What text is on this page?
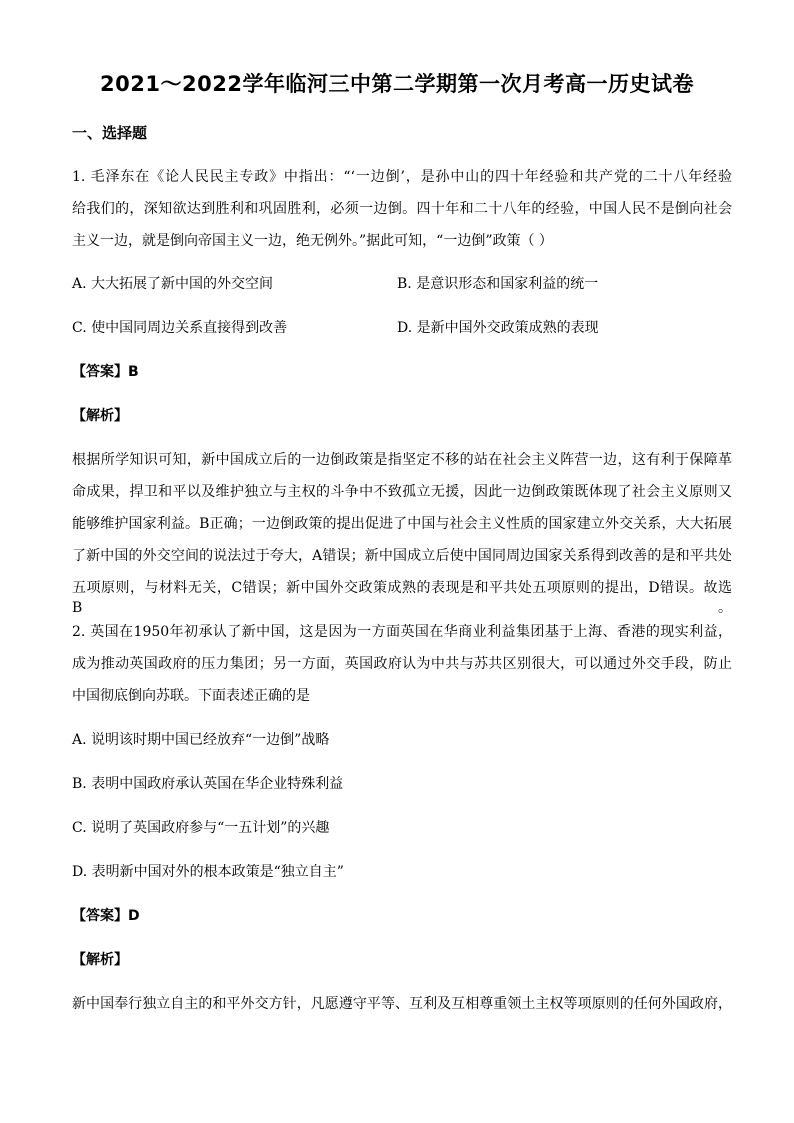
2021～2022学年临河三中第二学期第一次月考高一历史试卷
一、选择题
1. 毛泽东在《论人民民主专政》中指出：“‘一边倒’，是孙中山的四十年经验和共产党的二十八年经验
给我们的，深知欲达到胜利和巩固胜利，必须一边倒。四十年和二十八年的经验，中国人民不是倒向社会
主义一边，就是倒向帝国主义一边，绝无例外。”据此可知，“一边倒”政策（ ）
A. 大大拓展了新中国的外交空间	B. 是意识形态和国家利益的统一
C. 使中国同周边关系直接得到改善	D. 是新中国外交政策成熟的表现
【答案】B
【解析】
根据所学知识可知，新中国成立后的一边倒政策是指坚定不移的站在社会主义阵营一边，这有利于保障革
命成果，捍卫和平以及维护独立与主权的斗争中不致孤立无援，因此一边倒政策既体现了社会主义原则又
能够维护国家利益。B正确；一边倒政策的提出促进了中国与社会主义性质的国家建立外交关系，大大拓展
了新中国的外交空间的说法过于夸大，A错误；新中国成立后使中国同周边国家关系得到改善的是和平共处
五项原则，与材料无关，C错误；新中国外交政策成熟的表现是和平共处五项原则的提出，D错误。故选B。
2. 英国在1950年初承认了新中国，这是因为一方面英国在华商业利益集团基于上海、香港的现实利益，
成为推动英国政府的压力集团；另一方面，英国政府认为中共与苏共区别很大，可以通过外交手段，防止
中国彻底倒向苏联。下面表述正确的是
A. 说明该时期中国已经放弃“一边倒”战略
B. 表明中国政府承认英国在华企业特殊利益
C. 说明了英国政府参与“一五计划”的兴趣
D. 表明新中国对外的根本政策是“独立自主”
【答案】D
【解析】
新中国奉行独立自主的和平外交方针，凡愿遵守平等、互利及互相尊重领土主权等项原则的任何外国政府，
